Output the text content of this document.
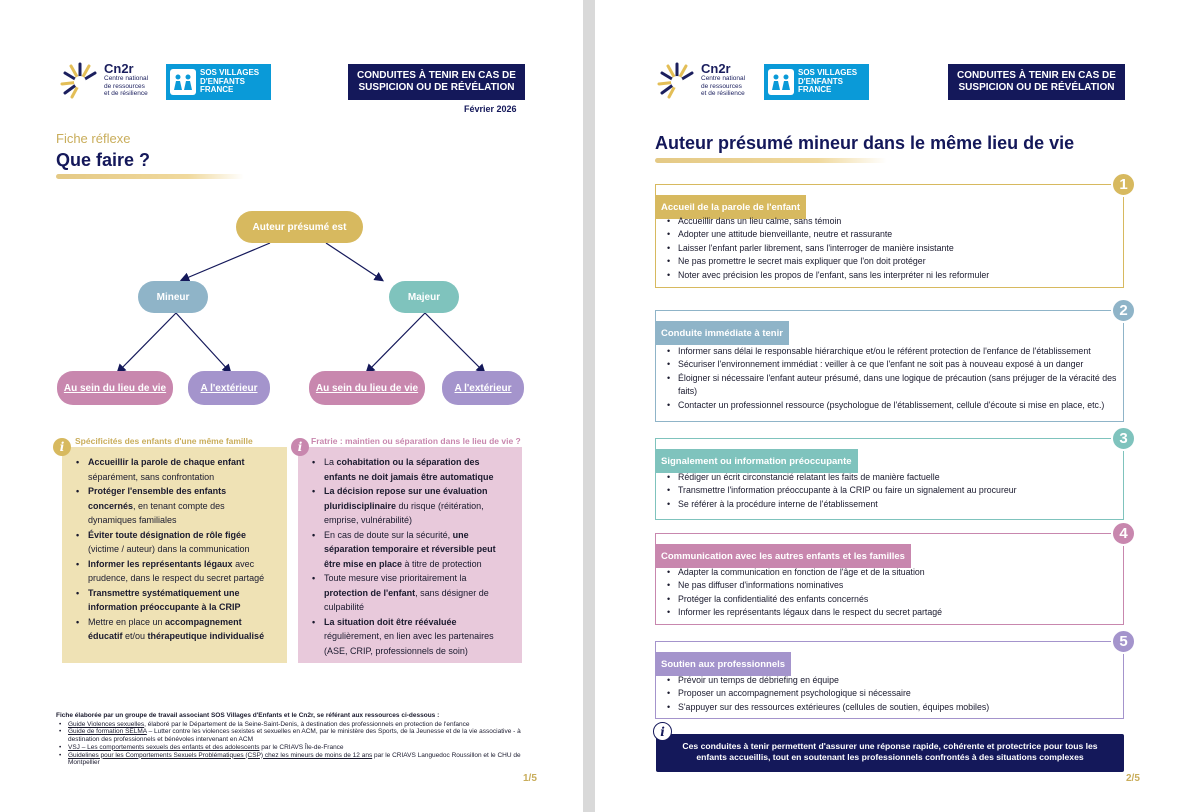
Cn2r
Centre national
de ressources
et de résilience
SOS VILLAGES
D'ENFANTS
FRANCE
CONDUITES À TENIR EN CAS DE
SUSPICION OU DE RÉVÉLATION
Février 2026
Fiche réflexe
Que faire ?
Auteur présumé est
Mineur	Majeur
Au sein du lieu de vie	A l'extérieur	Au sein du lieu de vie	A l'extérieur
• Accueillir la parole de chaque enfant séparément, sans confrontation
• Protéger l'ensemble des enfants concernés, en tenant compte des dynamiques familiales
• Éviter toute désignation de rôle figée (victime / auteur) dans la communication
• Informer les représentants légaux avec prudence, dans le respect du secret partagé
• Transmettre systématiquement une information préoccupante à la CRIP
• Mettre en place un accompagnement éducatif et/ou thérapeutique individualisé
i	Spécificités des enfants d'une même famille
• La cohabitation ou la séparation des enfants ne doit jamais être automatique
• La décision repose sur une évaluation pluridisciplinaire du risque (réitération, emprise, vulnérabilité)
• En cas de doute sur la sécurité, une séparation temporaire et réversible peut être mise en place à titre de protection
• Toute mesure vise prioritairement la protection de l'enfant, sans désigner de culpabilité
• La situation doit être réévaluée régulièrement, en lien avec les partenaires (ASE, CRIP, professionnels de soin)
i	Fratrie : maintien ou séparation dans le lieu de vie ?
Fiche élaborée par un groupe de travail associant SOS Villages d'Enfants et le Cn2r, se référant aux ressources ci-dessous :
• Guide Violences sexuelles, élaboré par le Département de la Seine-Saint-Denis, à destination des professionnels en protection de l'enfance
• Guide de formation SELMA – Lutter contre les violences sexistes et sexuelles en ACM, par le ministère des Sports, de la Jeunesse et de la vie associative - à destination des professionnels et bénévoles intervenant en ACM
• VSJ – Les comportements sexuels des enfants et des adolescents par le CRIAVS Île-de-France
• Guidelines pour les Comportements Sexuels Problématiques (CSP) chez les mineurs de moins de 12 ans par le CRIAVS Languedoc Roussillon et le CHU de Montpellier
1/5
Cn2r
Centre national
de ressources
et de résilience
SOS VILLAGES
D'ENFANTS
FRANCE
CONDUITES À TENIR EN CAS DE
SUSPICION OU DE RÉVÉLATION
Auteur présumé mineur dans le même lieu de vie
Accueil de la parole de l'enfant
• Accueillir dans un lieu calme, sans témoin
• Adopter une attitude bienveillante, neutre et rassurante
• Laisser l'enfant parler librement, sans l'interroger de manière insistante
• Ne pas promettre le secret mais expliquer que l'on doit protéger
• Noter avec précision les propos de l'enfant, sans les interpréter ni les reformuler
1
Conduite immédiate à tenir
• Informer sans délai le responsable hiérarchique et/ou le référent protection de l'enfance de l'établissement
• Sécuriser l'environnement immédiat : veiller à ce que l'enfant ne soit pas à nouveau exposé à un danger
• Éloigner si nécessaire l'enfant auteur présumé, dans une logique de précaution (sans préjuger de la véracité des faits)
• Contacter un professionnel ressource (psychologue de l'établissement, cellule d'écoute si mise en place, etc.)
2
Signalement ou information préoccupante
• Rédiger un écrit circonstancié relatant les faits de manière factuelle
• Transmettre l'information préoccupante à la CRIP ou faire un signalement au procureur
• Se référer à la procédure interne de l'établissement
3
Communication avec les autres enfants et les familles
• Adapter la communication en fonction de l'âge et de la situation
• Ne pas diffuser d'informations nominatives
• Protéger la confidentialité des enfants concernés
• Informer les représentants légaux dans le respect du secret partagé
4
Soutien aux professionnels
• Prévoir un temps de débriefing en équipe
• Proposer un accompagnement psychologique si nécessaire
• S'appuyer sur des ressources extérieures (cellules de soutien, équipes mobiles)
5
Ces conduites à tenir permettent d'assurer une réponse rapide, cohérente et protectrice pour tous les enfants accueillis, tout en soutenant les professionnels confrontés à des situations complexes
i
2/5
